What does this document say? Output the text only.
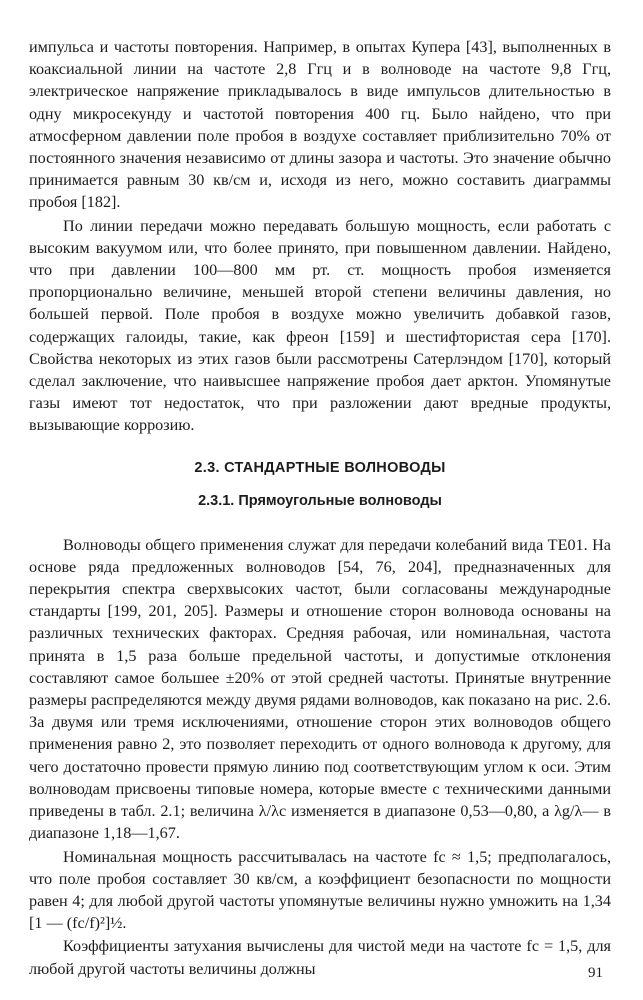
импульса и частоты повторения. Например, в опытах Купера [43], выполненных в коаксиальной линии на частоте 2,8 Ггц и в волноводе на частоте 9,8 Ггц, электрическое напряжение прикладывалось в виде импульсов длительностью в одну микросекунду и частотой повторения 400 гц. Было найдено, что при атмосферном давлении поле пробоя в воздухе составляет приблизительно 70% от постоянного значения независимо от длины зазора и частоты. Это значение обычно принимается равным 30 кв/см и, исходя из него, можно составить диаграммы пробоя [182].

По линии передачи можно передавать большую мощность, если работать с высоким вакуумом или, что более принято, при повышенном давлении. Найдено, что при давлении 100—800 мм рт. ст. мощность пробоя изменяется пропорционально величине, меньшей второй степени величины давления, но большей первой. Поле пробоя в воздухе можно увеличить добавкой газов, содержащих галоиды, такие, как фреон [159] и шестифтористая сера [170]. Свойства некоторых из этих газов были рассмотрены Сатерлэндом [170], который сделал заключение, что наивысшее напряжение пробоя дает арктон. Упомянутые газы имеют тот недостаток, что при разложении дают вредные продукты, вызывающие коррозию.

2.3. СТАНДАРТНЫЕ ВОЛНОВОДЫ
2.3.1. Прямоугольные волноводы

Волноводы общего применения служат для передачи колебаний вида TE01. На основе ряда предложенных волноводов [54, 76, 204], предназначенных для перекрытия спектра сверхвысоких частот, были согласованы международные стандарты [199, 201, 205]. Размеры и отношение сторон волновода основаны на различных технических факторах. Средняя рабочая, или номинальная, частота принята в 1,5 раза больше предельной частоты, и допустимые отклонения составляют самое большее ±20% от этой средней частоты. Принятые внутренние размеры распределяются между двумя рядами волноводов, как показано на рис. 2.6. За двумя или тремя исключениями, отношение сторон этих волноводов общего применения равно 2, это позволяет переходить от одного волновода к другому, для чего достаточно провести прямую линию под соответствующим углом к оси. Этим волноводам присвоены типовые номера, которые вместе с техническими данными приведены в табл. 2.1; величина λ/λc изменяется в диапазоне 0,53—0,80, а λg/λ— в диапазоне 1,18—1,67.

Номинальная мощность рассчитывалась на частоте fc ≈ 1,5; предполагалось, что поле пробоя составляет 30 кв/см, а коэффициент безопасности по мощности равен 4; для любой другой частоты упомянутые величины нужно умножить на 1,34 [1 — (fc/f)²]½.

Коэффициенты затухания вычислены для чистой меди на частоте fc = 1,5, для любой другой частоты величины должны	91
